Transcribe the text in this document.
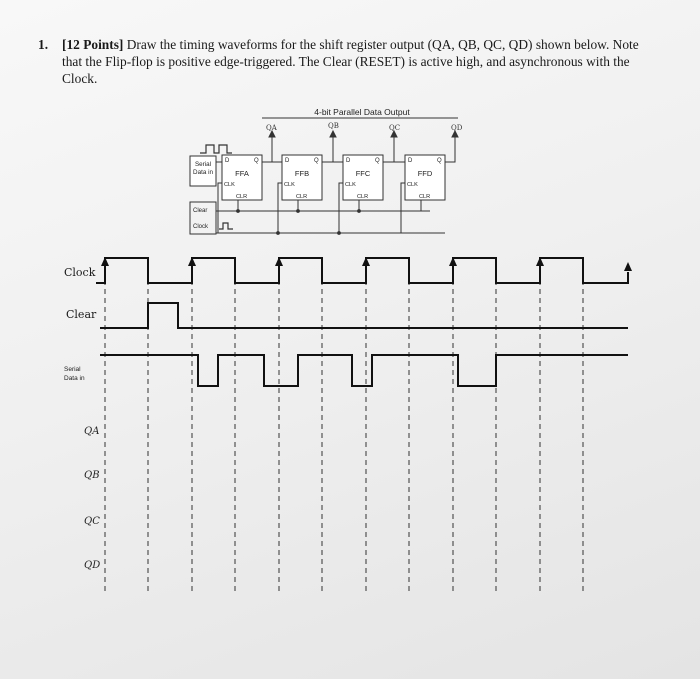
1. [12 Points] Draw the timing waveforms for the shift register output (QA, QB, QC, QD) shown below. Note that the Flip-flop is positive edge-triggered. The Clear (RESET) is active high, and asynchronous with the Clock.
4-bit Parallel Data Output
Serial
Data in
D	Q
FFA
CLK
CLR
D	Q
FFB
CLK
CLR
D	Q
FFC
CLK
CLR
D	Q
FFD
CLK
CLR
QA	QB	QC	QD
Clear
Clock
Clock
Clear
Serial
Data in
QA
QB
QC
QD
